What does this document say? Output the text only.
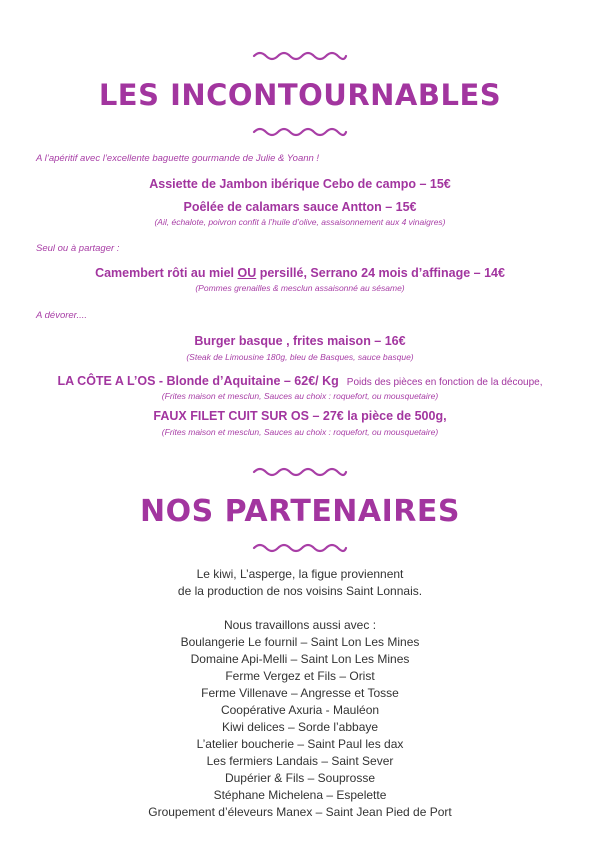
LES INCONTOURNABLES
A l’apéritif avec l’excellente baguette gourmande de Julie & Yoann !
Assiette de Jambon ibérique Cebo de campo – 15€
Poêlée de calamars sauce Antton – 15€
(Ail, échalote, poivron confit à l’huile d’olive, assaisonnement aux 4 vinaigres)
Seul ou à partager :
Camembert rôti au miel OU persillé, Serrano 24 mois d’affinage – 14€
(Pommes grenailles & mesclun assaisonné au sésame)
A dévorer....
Burger basque , frites maison – 16€
(Steak de Limousine 180g, bleu de Basques, sauce basque)
LA CÔTE A L’OS - Blonde d’Aquitaine – 62€/ Kg Poids des pièces en fonction de la découpe,
(Frites maison et mesclun, Sauces au choix : roquefort, ou mousquetaire)
FAUX FILET CUIT SUR OS – 27€ la pièce de 500g,
(Frites maison et mesclun, Sauces au choix : roquefort, ou mousquetaire)
NOS PARTENAIRES
Le kiwi, L’asperge, la figue proviennent
de la production de nos voisins Saint Lonnais.
Nous travaillons aussi avec :
Boulangerie Le fournil – Saint Lon Les Mines
Domaine Api-Melli – Saint Lon Les Mines
Ferme Vergez et Fils – Orist
Ferme Villenave – Angresse et Tosse
Coopérative Axuria - Mauléon
Kiwi delices – Sorde l’abbaye
L’atelier boucherie – Saint Paul les dax
Les fermiers Landais – Saint Sever
Dupérier & Fils – Souprosse
Stéphane Michelena – Espelette
Groupement d’éleveurs Manex – Saint Jean Pied de Port
